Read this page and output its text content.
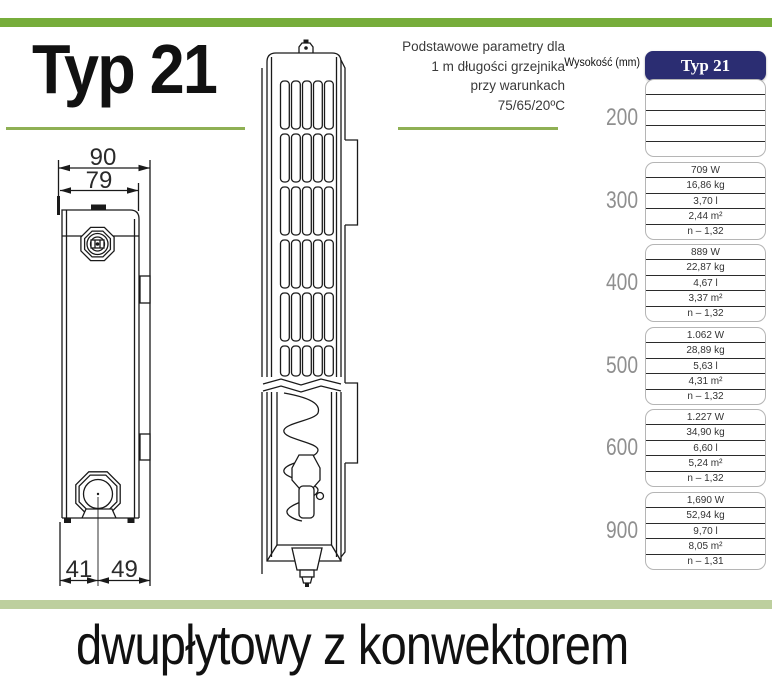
Typ 21	Podstawowe parametry dla
1 m długości grzejnika
przy warunkach
75/65/20ºC
90
79
41 49
Wysokość (mm)	Typ 21
200
300
709 W
16,86 kg
3,70 l
2,44 m²
n – 1,32
400
889 W
22,87 kg
4,67 l
3,37 m²
n – 1,32
500
1.062 W
28,89 kg
5,63 l
4,31 m²
n – 1,32
600
1.227 W
34,90 kg
6,60 l
5,24 m²
n – 1,32
900
1,690 W
52,94 kg
9,70 l
8,05 m²
n – 1,31
dwupłytowy z konwektorem
